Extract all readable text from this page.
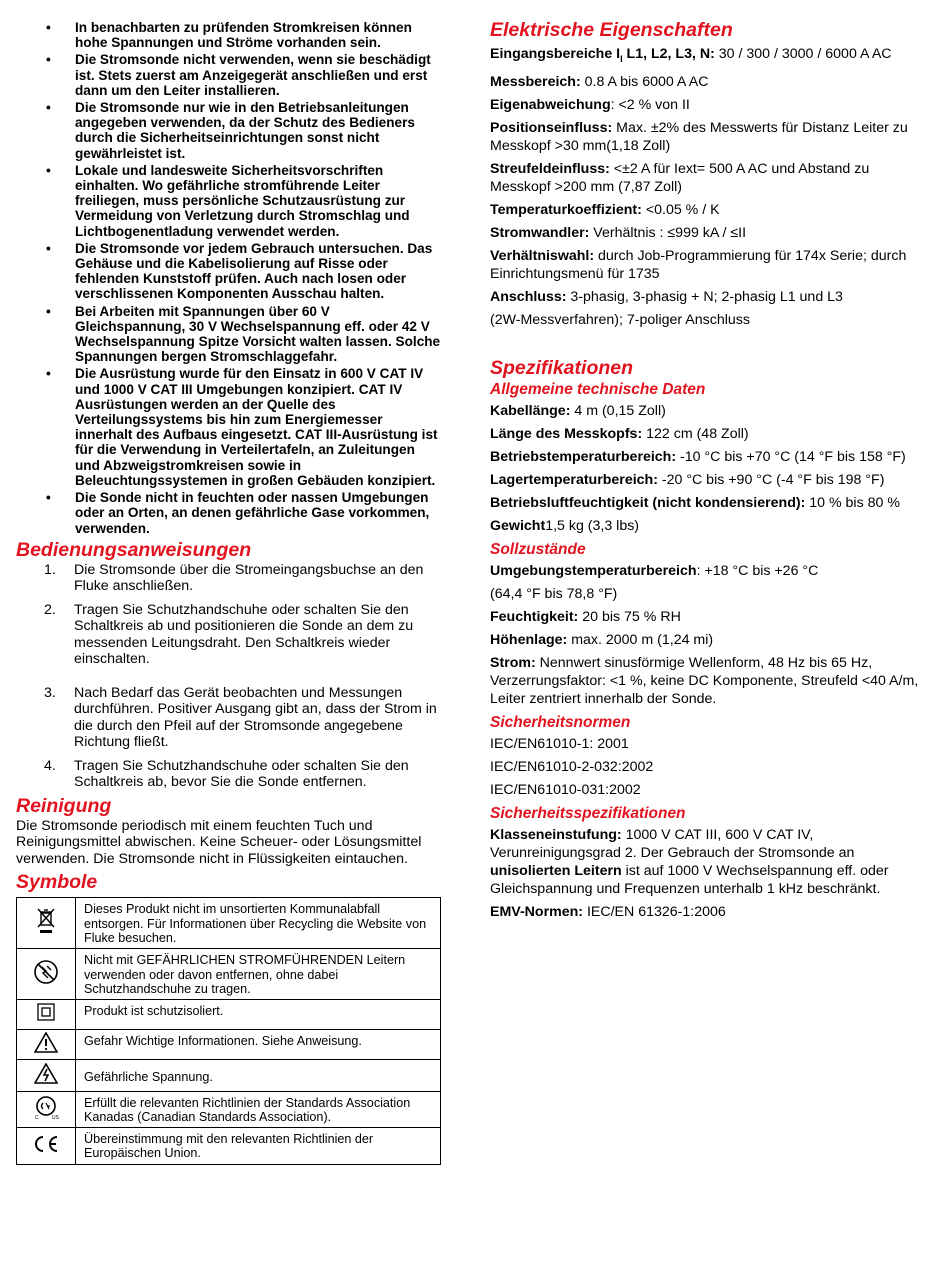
• In benachbarten zu prüfenden Stromkreisen können hohe Spannungen und Ströme vorhanden sein.
• Die Stromsonde nicht verwenden, wenn sie beschädigt ist. Stets zuerst am Anzeigegerät anschließen und erst dann um den Leiter installieren.
• Die Stromsonde nur wie in den Betriebsanleitungen angegeben verwenden, da der Schutz des Bedieners durch die Sicherheitseinrichtungen sonst nicht gewährleistet ist.
• Lokale und landesweite Sicherheitsvorschriften einhalten. Wo gefährliche stromführende Leiter freiliegen, muss persönliche Schutzausrüstung zur Vermeidung von Verletzung durch Stromschlag und Lichtbogenentladung verwendet werden.
• Die Stromsonde vor jedem Gebrauch untersuchen. Das Gehäuse und die Kabelisolierung auf Risse oder fehlenden Kunststoff prüfen. Auch nach losen oder verschlissenen Komponenten Ausschau halten.
• Bei Arbeiten mit Spannungen über 60 V Gleichspannung, 30 V Wechselspannung eff. oder 42 V Wechselspannung Spitze Vorsicht walten lassen. Solche Spannungen bergen Stromschlaggefahr.
• Die Ausrüstung wurde für den Einsatz in 600 V CAT IV und 1000 V CAT III Umgebungen konzipiert. CAT IV Ausrüstungen werden an der Quelle des Verteilungssystems bis hin zum Energiemesser innerhalt des Aufbaus eingesetzt. CAT III-Ausrüstung ist für die Verwendung in Verteilertafeln, an Zuleitungen und Abzweigstromkreisen sowie in Beleuchtungssystemen in großen Gebäuden konzipiert.
• Die Sonde nicht in feuchten oder nassen Umgebungen oder an Orten, an denen gefährliche Gase vorkommen, verwenden.
Bedienungsanweisungen
1. Die Stromsonde über die Stromeingangsbuchse an den Fluke anschließen.
2. Tragen Sie Schutzhandschuhe oder schalten Sie den Schaltkreis ab und positionieren die Sonde an dem zu messenden Leitungsdraht. Den Schaltkreis wieder einschalten.
3. Nach Bedarf das Gerät beobachten und Messungen durchführen. Positiver Ausgang gibt an, dass der Strom in die durch den Pfeil auf der Stromsonde angegebene Richtung fließt.
4. Tragen Sie Schutzhandschuhe oder schalten Sie den Schaltkreis ab, bevor Sie die Sonde entfernen.
Reinigung

Die Stromsonde periodisch mit einem feuchten Tuch und Reinigungsmittel abwischen. Keine Scheuer- oder Lösungsmittel verwenden. Die Stromsonde nicht in Flüssigkeiten eintauchen.

Symbole
	Dieses Produkt nicht im unsortierten Kommunalabfall entsorgen. Für Informationen über Recycling die Website von Fluke besuchen.
	Nicht mit GEFÄHRLICHEN STROMFÜHRENDEN Leitern verwenden oder davon entfernen, ohne dabei Schutzhandschuhe zu tragen.
	Produkt ist schutzisoliert.
	Gefahr Wichtige Informationen. Siehe Anweisung.
	Gefährliche Spannung.

C US	Erfüllt die relevanten Richtlinien der Standards Association Kanadas (Canadian Standards Association).
	Übereinstimmung mit den relevanten Richtlinien der Europäischen Union.
Elektrische Eigenschaften
Eingangsbereiche $I_I$ L1, L2, L3, N: 30 / 300 / 3000 / 6000 A AC
Messbereich: 0.8 A bis 6000 A AC
Eigenabweichung: <2 % von II
Positionseinfluss: Max. ±2% des Messwerts für Distanz Leiter zu Messkopf >30 mm(1,18 Zoll)
Streufeldeinfluss: <±2 A für Iext= 500 A AC und Abstand zu Messkopf >200 mm (7,87 Zoll)
Temperaturkoeffizient: <0.05 % / K
Stromwandler: Verhältnis : ≤999 kA / ≤II
Verhältniswahl: durch Job-Programmierung für 174x Serie; durch Einrichtungsmenü für 1735
Anschluss: 3-phasig, 3-phasig + N; 2-phasig L1 und L3
(2W-Messverfahren); 7-poliger Anschluss
Spezifikationen
Allgemeine technische Daten
Kabellänge: 4 m (0,15 Zoll)
Länge des Messkopfs: 122 cm (48 Zoll)
Betriebstemperaturbereich: -10 °C bis +70 °C (14 °F bis 158 °F)
Lagertemperaturbereich: -20 °C bis +90 °C (-4 °F bis 198 °F)
Betriebsluftfeuchtigkeit (nicht kondensierend): 10 % bis 80 %
Gewicht1,5 kg (3,3 lbs)
Sollzustände
Umgebungstemperaturbereich: +18 °C bis +26 °C
(64,4 °F bis 78,8 °F)
Feuchtigkeit: 20 bis 75 % RH
Höhenlage: max. 2000 m (1,24 mi)
Strom: Nennwert sinusförmige Wellenform, 48 Hz bis 65 Hz, Verzerrungsfaktor: <1 %, keine DC Komponente, Streufeld <40 A/m, Leiter zentriert innerhalb der Sonde.
Sicherheitsnormen
IEC/EN61010-1: 2001
IEC/EN61010-2-032:2002
IEC/EN61010-031:2002
Sicherheitsspezifikationen
Klasseneinstufung: 1000 V CAT III, 600 V CAT IV, Verunreinigungsgrad 2. Der Gebrauch der Stromsonde an unisolierten Leitern ist auf 1000 V Wechselspannung eff. oder Gleichspannung und Frequenzen unterhalb 1 kHz beschränkt.
EMV-Normen: IEC/EN 61326-1:2006
